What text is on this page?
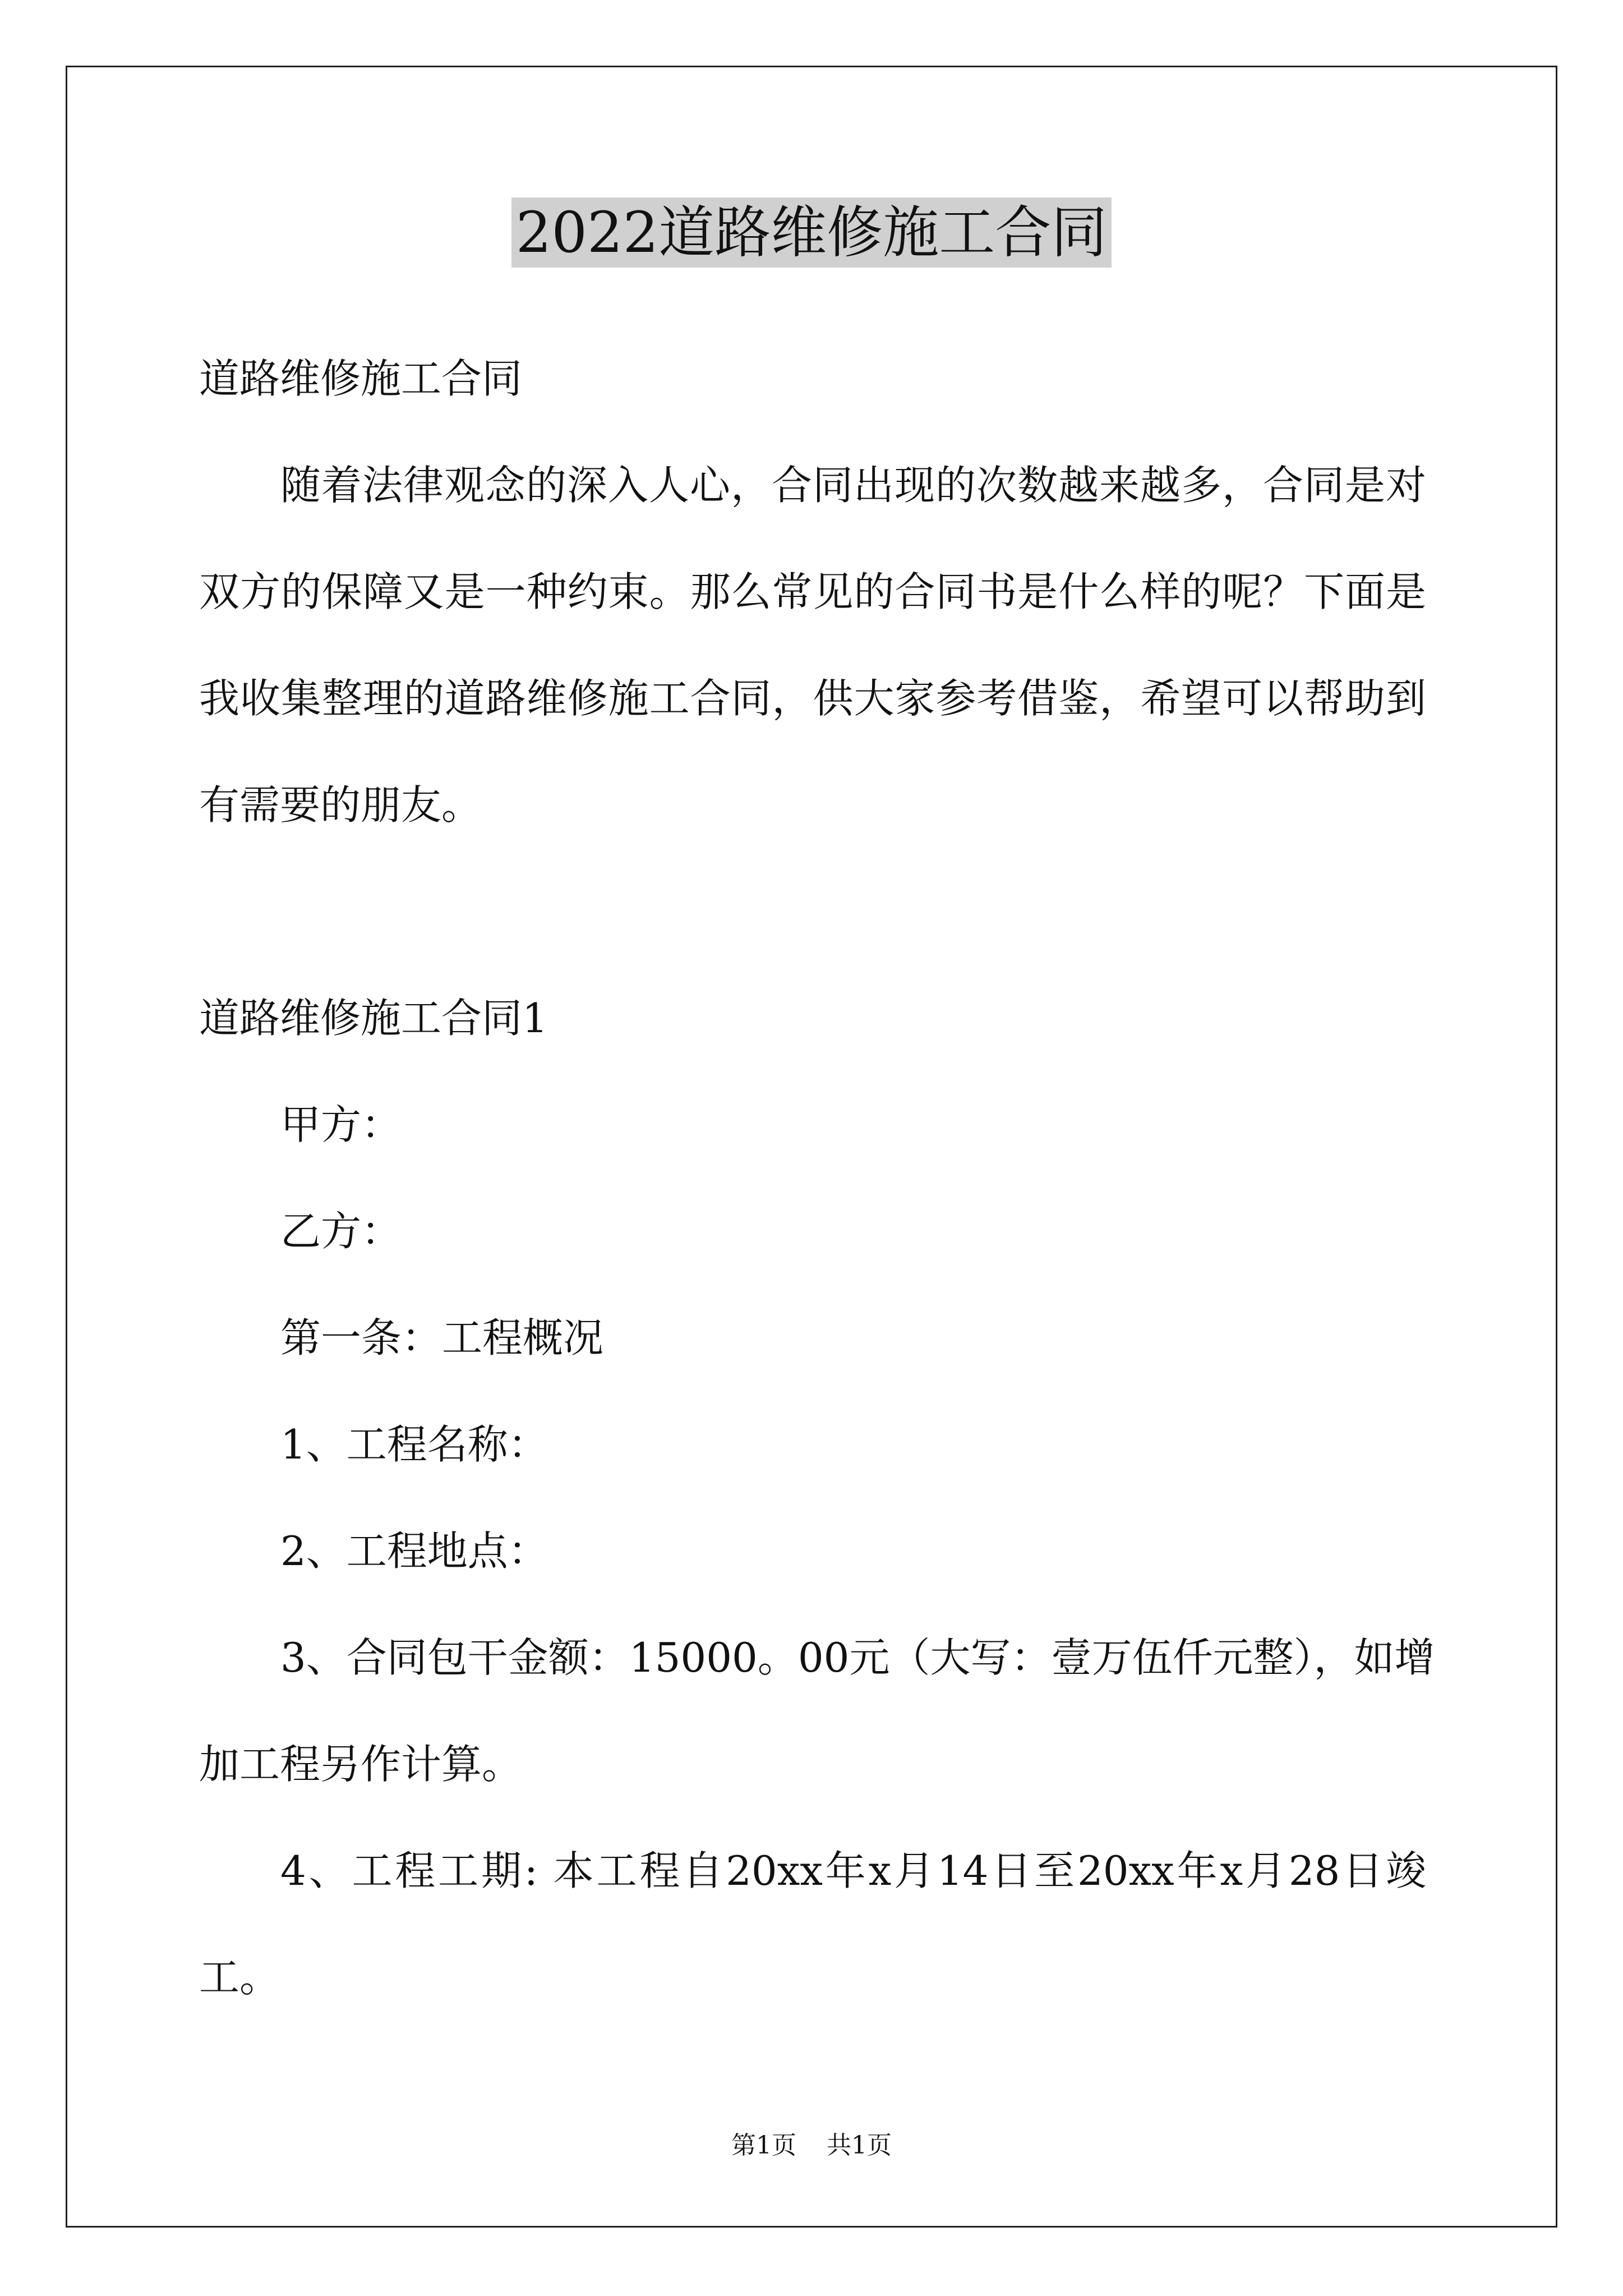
2022道路维修施工合同

道路维修施工合同

随着法律观念的深入人心，合同出现的次数越来越多，合同是对

双方的保障又是一种约束。那么常见的合同书是什么样的呢？下面是

我收集整理的道路维修施工合同，供大家参考借鉴，希望可以帮助到

有需要的朋友。

道路维修施工合同1

甲方：

乙方：

第一条：工程概况

1、工程名称：

2、工程地点：

3、合同包干金额：15000。00元（大写：壹万伍仟元整），如增

加工程另作计算。

4、工程工期: 本工程自20xx年x月14日至20xx年x月28日竣

工。

第1页 共1页
